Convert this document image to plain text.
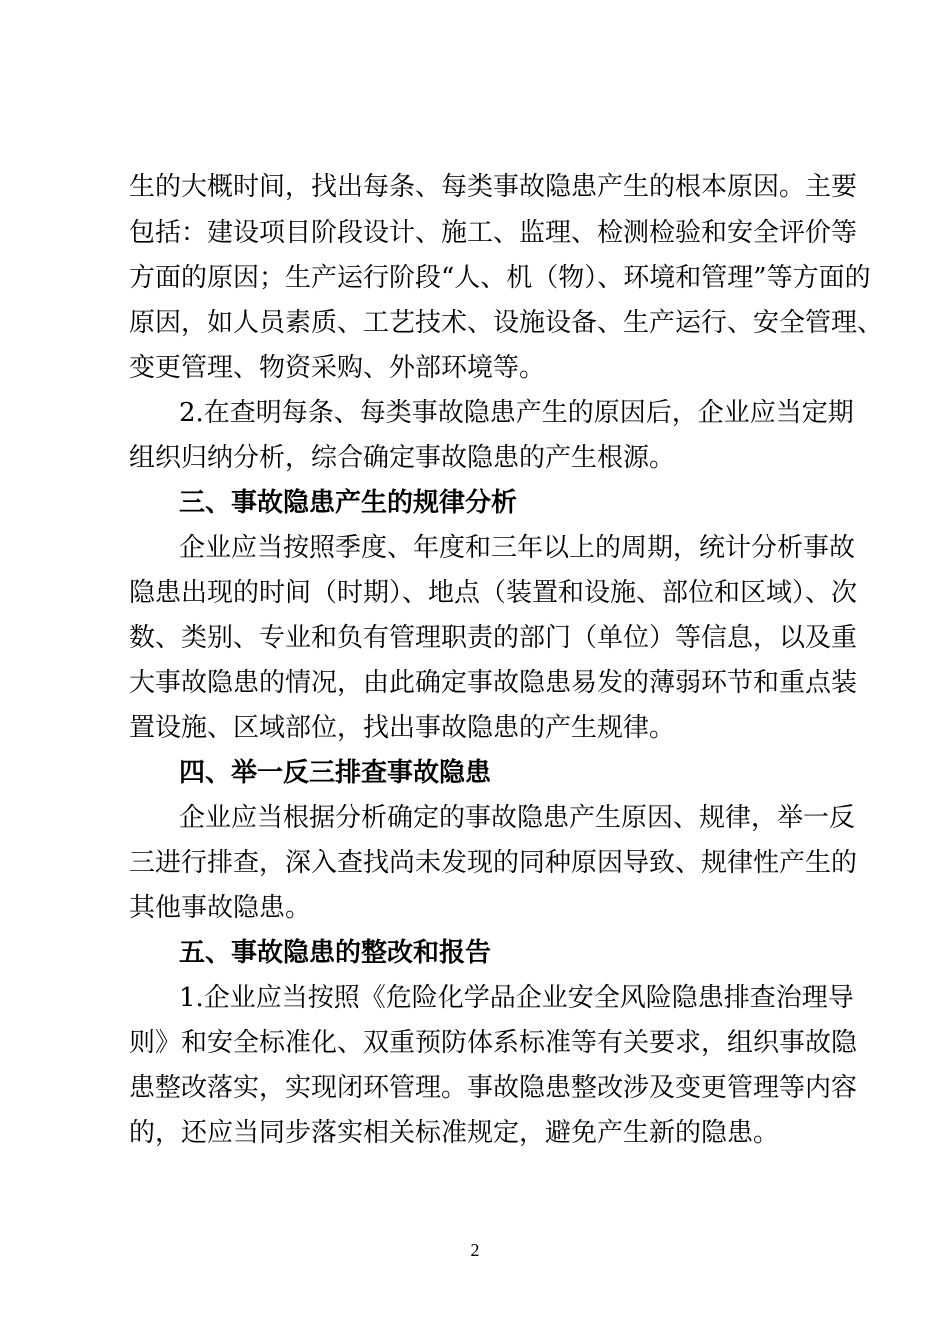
生的大概时间，找出每条、每类事故隐患产生的根本原因。主要
包括：建设项目阶段设计、施工、监理、检测检验和安全评价等
方面的原因；生产运行阶段“人、机（物）、环境和管理”等方面的
原因，如人员素质、工艺技术、设施设备、生产运行、安全管理、
变更管理、物资采购、外部环境等。
2.在查明每条、每类事故隐患产生的原因后，企业应当定期
组织归纳分析，综合确定事故隐患的产生根源。
三、事故隐患产生的规律分析
企业应当按照季度、年度和三年以上的周期，统计分析事故
隐患出现的时间（时期）、地点（装置和设施、部位和区域）、次
数、类别、专业和负有管理职责的部门（单位）等信息，以及重
大事故隐患的情况，由此确定事故隐患易发的薄弱环节和重点装
置设施、区域部位，找出事故隐患的产生规律。
四、举一反三排查事故隐患
企业应当根据分析确定的事故隐患产生原因、规律，举一反
三进行排查，深入查找尚未发现的同种原因导致、规律性产生的
其他事故隐患。
五、事故隐患的整改和报告
1.企业应当按照《危险化学品企业安全风险隐患排查治理导
则》和安全标准化、双重预防体系标准等有关要求，组织事故隐
患整改落实，实现闭环管理。事故隐患整改涉及变更管理等内容
的，还应当同步落实相关标准规定，避免产生新的隐患。
2
